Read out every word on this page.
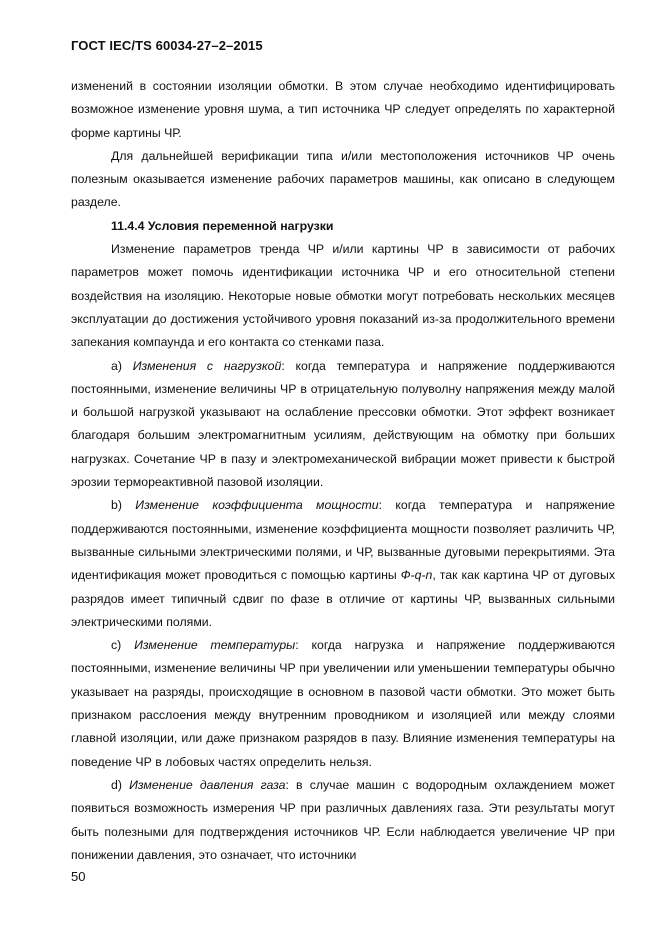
ГОСТ IEC/TS 60034-27–2–2015

изменений в состоянии изоляции обмотки. В этом случае необходимо идентифицировать возможное изменение уровня шума, а тип источника ЧР следует определять по характерной форме картины ЧР.

Для дальнейшей верификации типа и/или местоположения источников ЧР очень полезным оказывается изменение рабочих параметров машины, как описано в следующем разделе.

11.4.4 Условия переменной нагрузки

Изменение параметров тренда ЧР и/или картины ЧР в зависимости от рабочих параметров может помочь идентификации источника ЧР и его относительной степени воздействия на изоляцию. Некоторые новые обмотки могут потребовать нескольких месяцев эксплуатации до достижения устойчивого уровня показаний из-за продолжительного времени запекания компаунда и его контакта со стенками паза.

a) Изменения с нагрузкой: когда температура и напряжение поддерживаются постоянными, изменение величины ЧР в отрицательную полуволну напряжения между малой и большой нагрузкой указывают на ослабление прессовки обмотки. Этот эффект возникает благодаря большим электромагнитным усилиям, действующим на обмотку при больших нагрузках. Сочетание ЧР в пазу и электромеханической вибрации может привести к быстрой эрозии термореактивной пазовой изоляции.

b) Изменение коэффициента мощности: когда температура и напряжение поддерживаются постоянными, изменение коэффициента мощности позволяет различить ЧР, вызванные сильными электрическими полями, и ЧР, вызванные дуговыми перекрытиями. Эта идентификация может проводиться с помощью картины Ф-q-n, так как картина ЧР от дуговых разрядов имеет типичный сдвиг по фазе в отличие от картины ЧР, вызванных сильными электрическими полями.

c) Изменение температуры: когда нагрузка и напряжение поддерживаются постоянными, изменение величины ЧР при увеличении или уменьшении температуры обычно указывает на разряды, происходящие в основном в пазовой части обмотки. Это может быть признаком расслоения между внутренним проводником и изоляцией или между слоями главной изоляции, или даже признаком разрядов в пазу. Влияние изменения температуры на поведение ЧР в лобовых частях определить нельзя.

d) Изменение давления газа: в случае машин с водородным охлаждением может появиться возможность измерения ЧР при различных давлениях газа. Эти результаты могут быть полезными для подтверждения источников ЧР. Если наблюдается увеличение ЧР при понижении давления, это означает, что источники

50
